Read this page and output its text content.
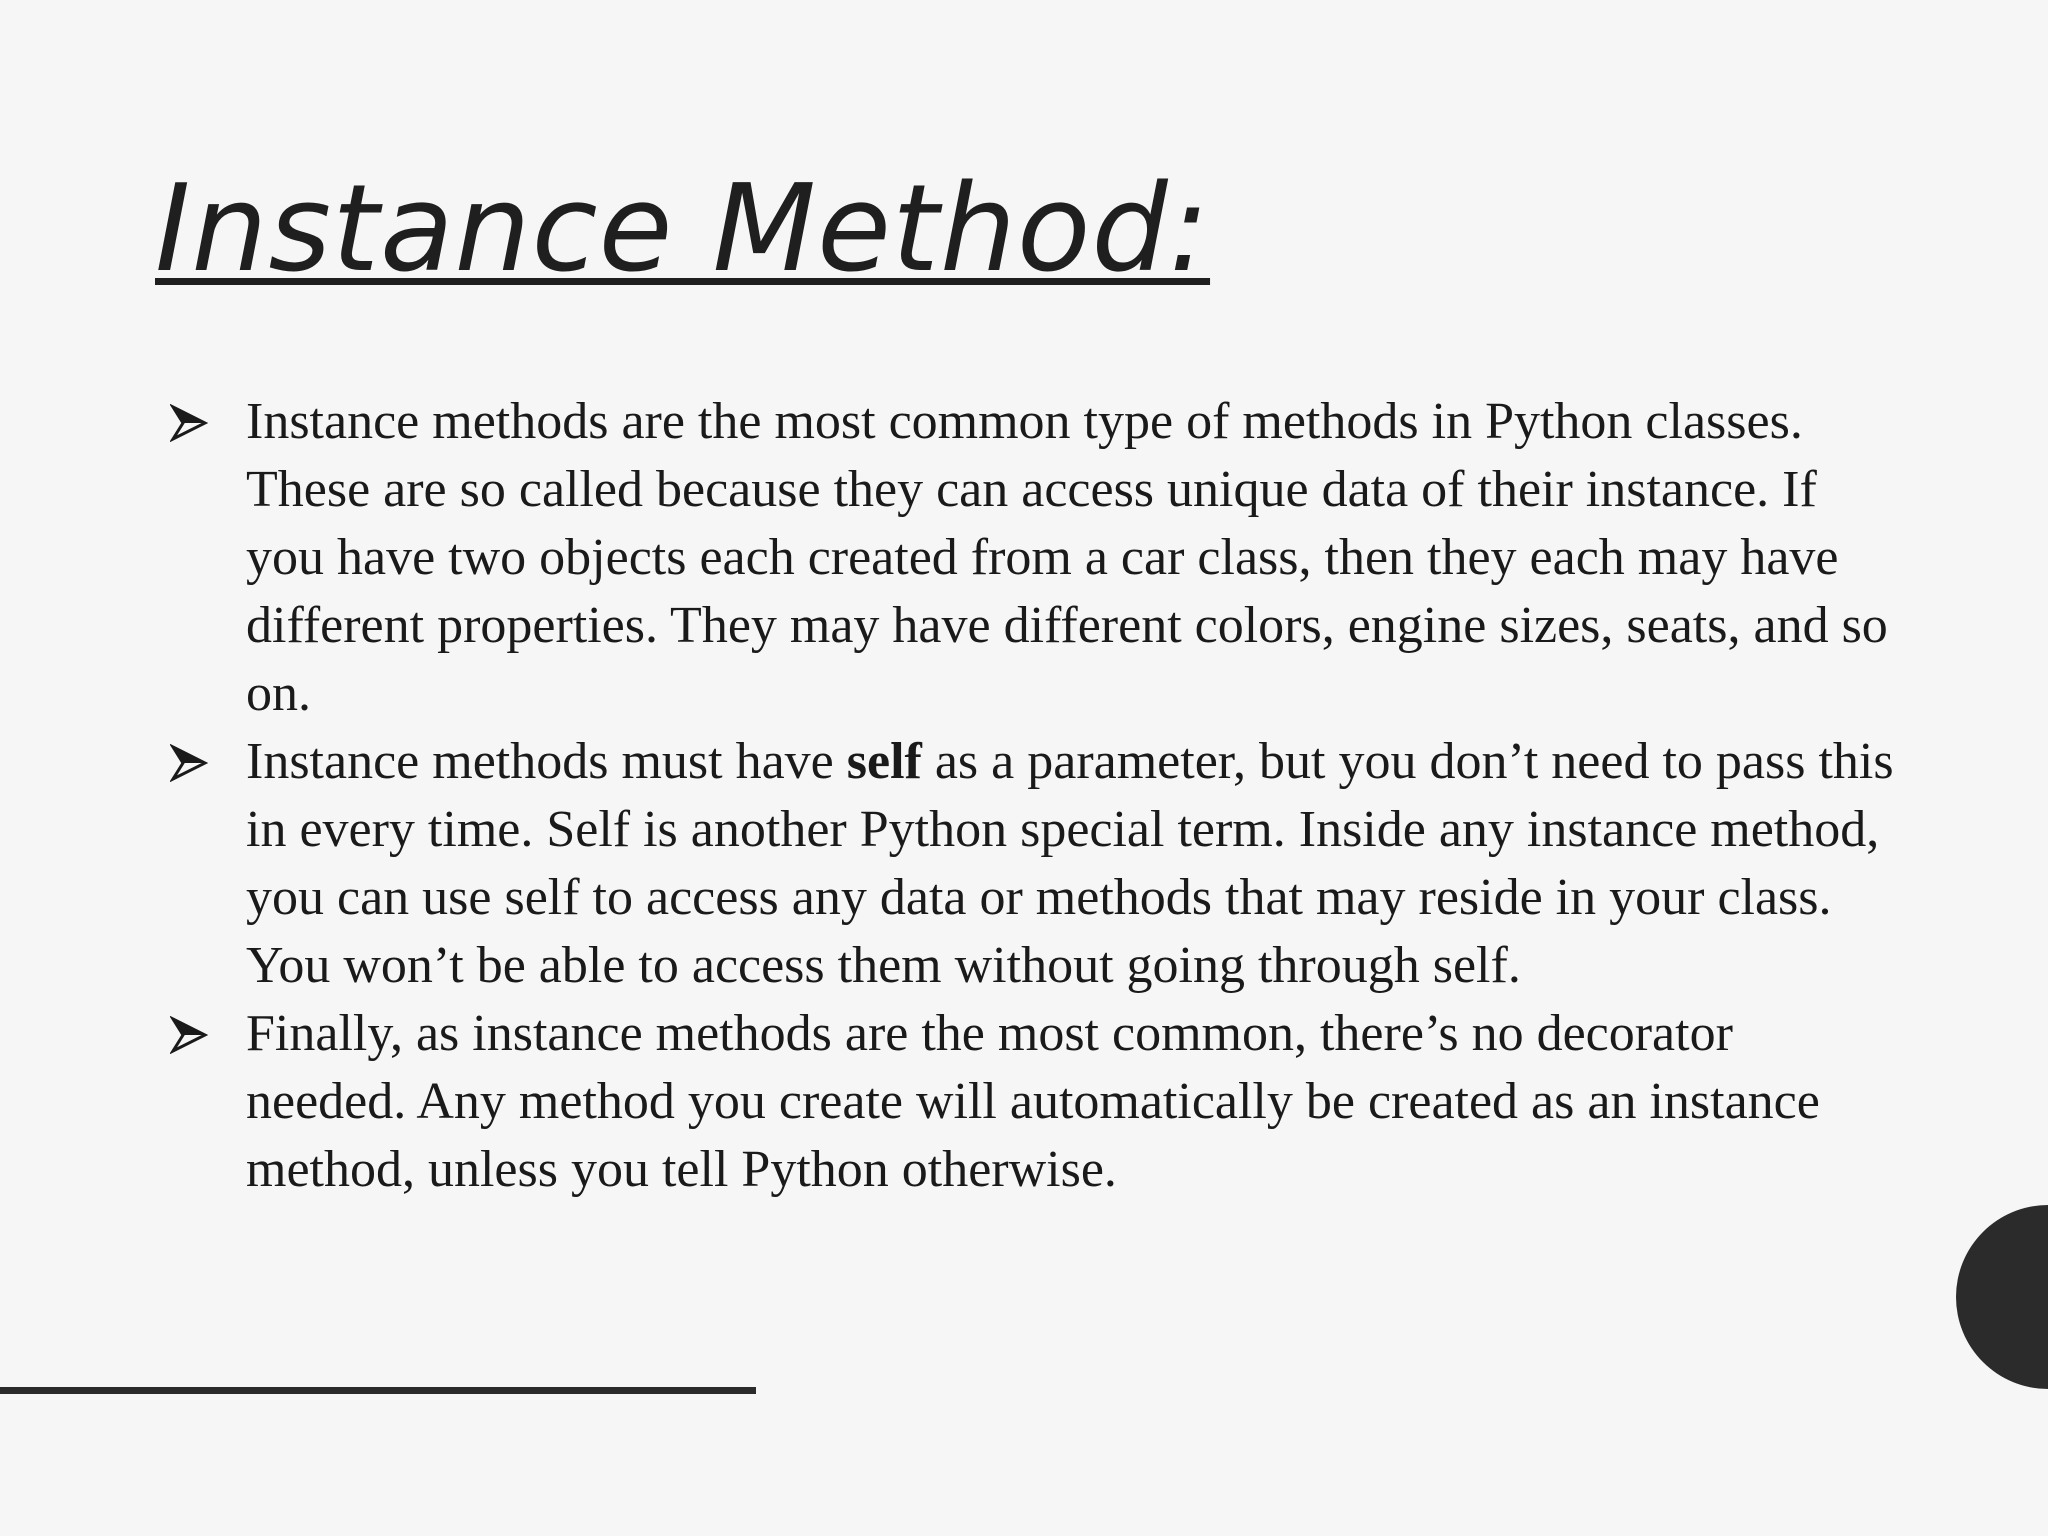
Instance Method:
Instance methods are the most common type of methods in Python classes. These are so called because they can access unique data of their instance. If you have two objects each created from a car class, then they each may have different properties. They may have different colors, engine sizes, seats, and so on.
Instance methods must have self as a parameter, but you don’t need to pass this in every time. Self is another Python special term. Inside any instance method, you can use self to access any data or methods that may reside in your class. You won’t be able to access them without going through self.
Finally, as instance methods are the most common, there’s no decorator needed. Any method you create will automatically be created as an instance method, unless you tell Python otherwise.
